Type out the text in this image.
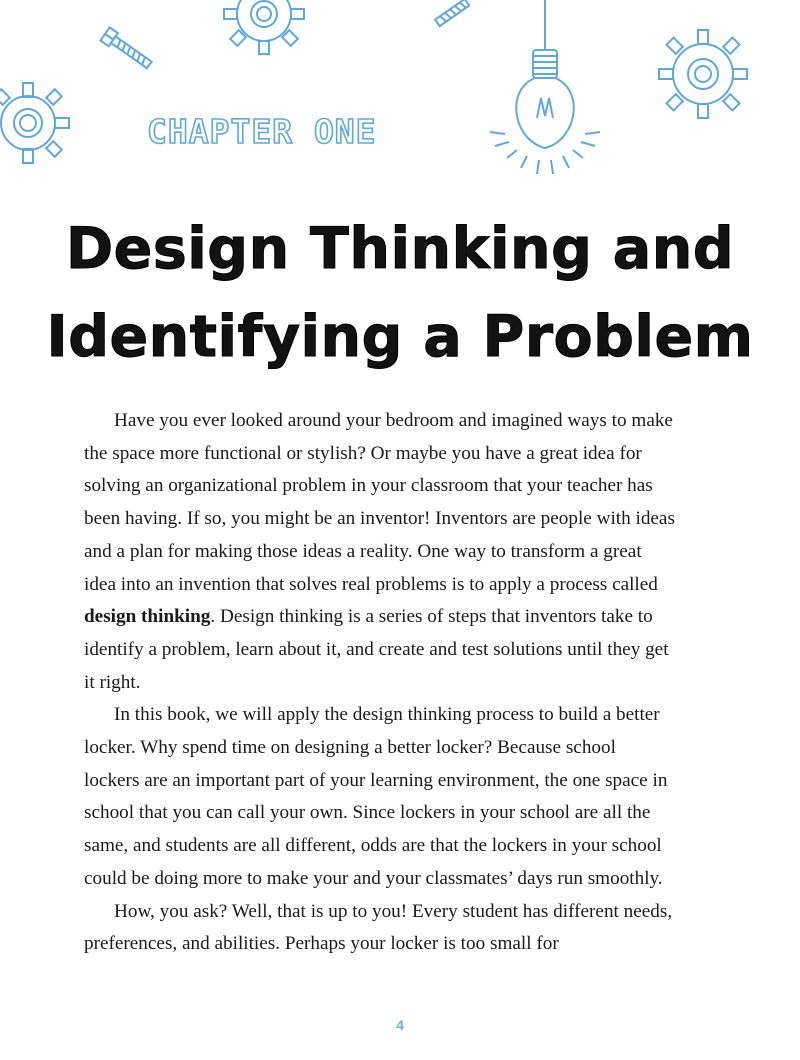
CHAPTER ONE
Design Thinking and
Identifying a Problem

Have you ever looked around your bedroom and imagined ways to make the space more functional or stylish? Or maybe you have a great idea for solving an organizational problem in your classroom that your teacher has been having. If so, you might be an inventor! Inventors are people with ideas and a plan for making those ideas a reality. One way to transform a great idea into an invention that solves real problems is to apply a process called design thinking. Design thinking is a series of steps that inventors take to identify a problem, learn about it, and create and test solutions until they get it right.

In this book, we will apply the design thinking process to build a better locker. Why spend time on designing a better locker? Because school lockers are an important part of your learning environment, the one space in school that you can call your own. Since lockers in your school are all the same, and students are all different, odds are that the lockers in your school could be doing more to make your and your classmates’ days run smoothly.

How, you ask? Well, that is up to you! Every student has different needs, preferences, and abilities. Perhaps your locker is too small for

4
